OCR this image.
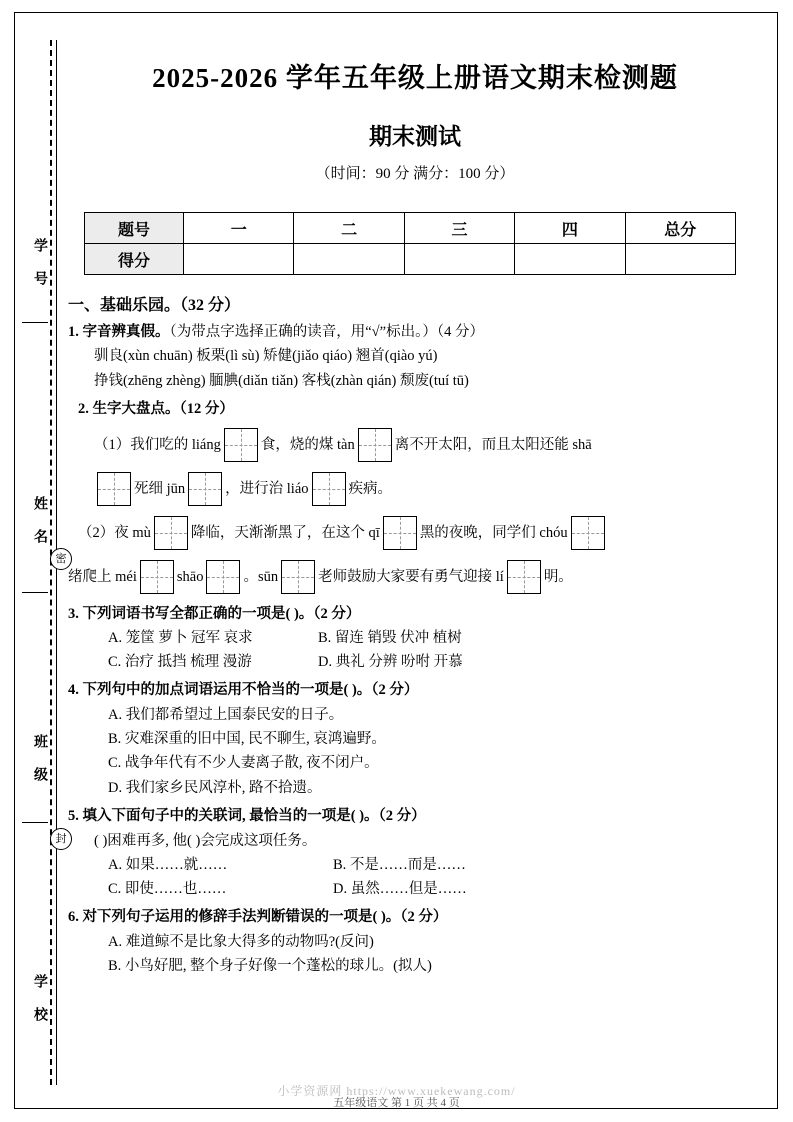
学 号
姓 名
班 级
学 校
密
封
2025-2026 学年五年级上册语文期末检测题
期末测试
（时间：90 分 满分：100 分）
题号	一	二	三	四	总分
得分					
一、基础乐园。（32 分）
1. 字音辨真假。（为带点字选择正确的读音，用“√”标出。）（4 分）
驯良(xùn chuān) 板栗(lì sù) 矫健(jiǎo qiáo) 翘首(qiào yú)
挣钱(zhēng zhèng) 腼腆(diǎn tiǎn) 客栈(zhàn qián) 颓废(tuí tū)
2. 生字大盘点。（12 分）
（1）我们吃的 liáng	食，烧的煤 tàn	离不开太阳，而且太阳还能 shā
死细 jūn	，进行治 liáo	疾病。
（2）夜 mù	降临，天渐渐黑了，在这个 qī	黑的夜晚，同学们 chóu
绪爬上 méi	shāo	。sūn	老师鼓励大家要有勇气迎接 lí	明。
3. 下列词语书写全都正确的一项是( )。（2 分）
A. 笼筐 萝卜 冠军 哀求	B. 留连 销毁 伏冲 植树
C. 治疗 抵挡 梳理 漫游	D. 典礼 分辨 吩咐 开慕
4. 下列句中的加点词语运用不恰当的一项是( )。（2 分）
A. 我们都希望过上国泰民安的日子。
B. 灾难深重的旧中国, 民不聊生, 哀鸿遍野。
C. 战争年代有不少人妻离子散, 夜不闭户。
D. 我们家乡民风淳朴, 路不拾遗。
5. 填入下面句子中的关联词, 最恰当的一项是( )。（2 分）
( )困难再多, 他( )会完成这项任务。
A. 如果……就……	B. 不是……而是……
C. 即使……也……	D. 虽然……但是……
6. 对下列句子运用的修辞手法判断错误的一项是( )。（2 分）
A. 难道鲸不是比象大得多的动物吗?(反问)
B. 小鸟好肥, 整个身子好像一个蓬松的球儿。(拟人)
小学资源网 https://www.xuekewang.com/
五年级语文 第 1 页 共 4 页
